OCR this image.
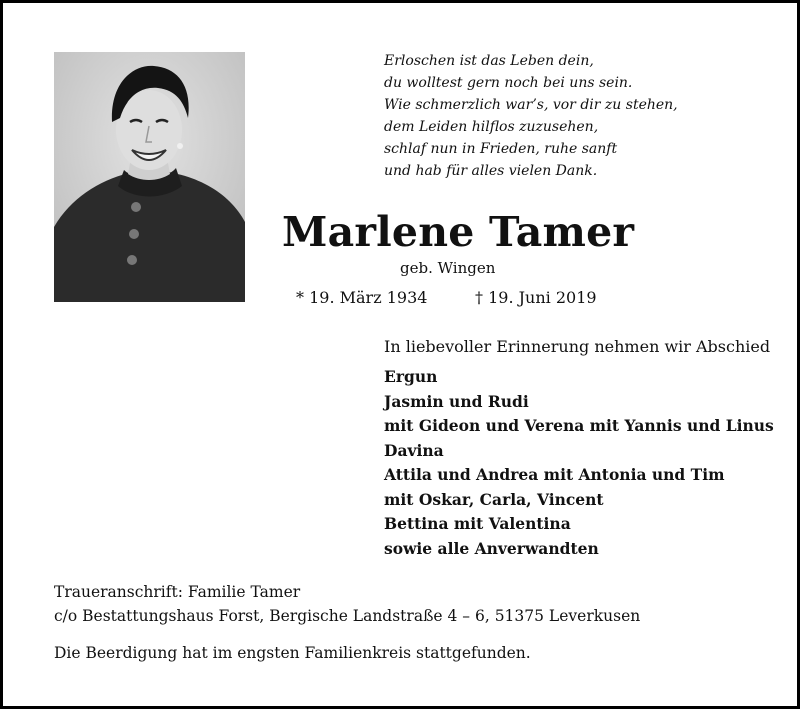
Erloschen ist das Leben dein,
du wolltest gern noch bei uns sein.
Wie schmerzlich war’s, vor dir zu stehen,
dem Leiden hilflos zuzusehen,
schlaf nun in Frieden, ruhe sanft
und hab für alles vielen Dank.
Marlene Tamer
geb. Wingen
* 19. März 1934	† 19. Juni 2019
In liebevoller Erinnerung nehmen wir Abschied
Ergun
Jasmin und Rudi
mit Gideon und Verena mit Yannis und Linus
Davina
Attila und Andrea mit Antonia und Tim
mit Oskar, Carla, Vincent
Bettina mit Valentina
sowie alle Anverwandten
Traueranschrift: Familie Tamer
c/o Bestattungshaus Forst, Bergische Landstraße 4 – 6, 51375 Leverkusen
Die Beerdigung hat im engsten Familienkreis stattgefunden.
